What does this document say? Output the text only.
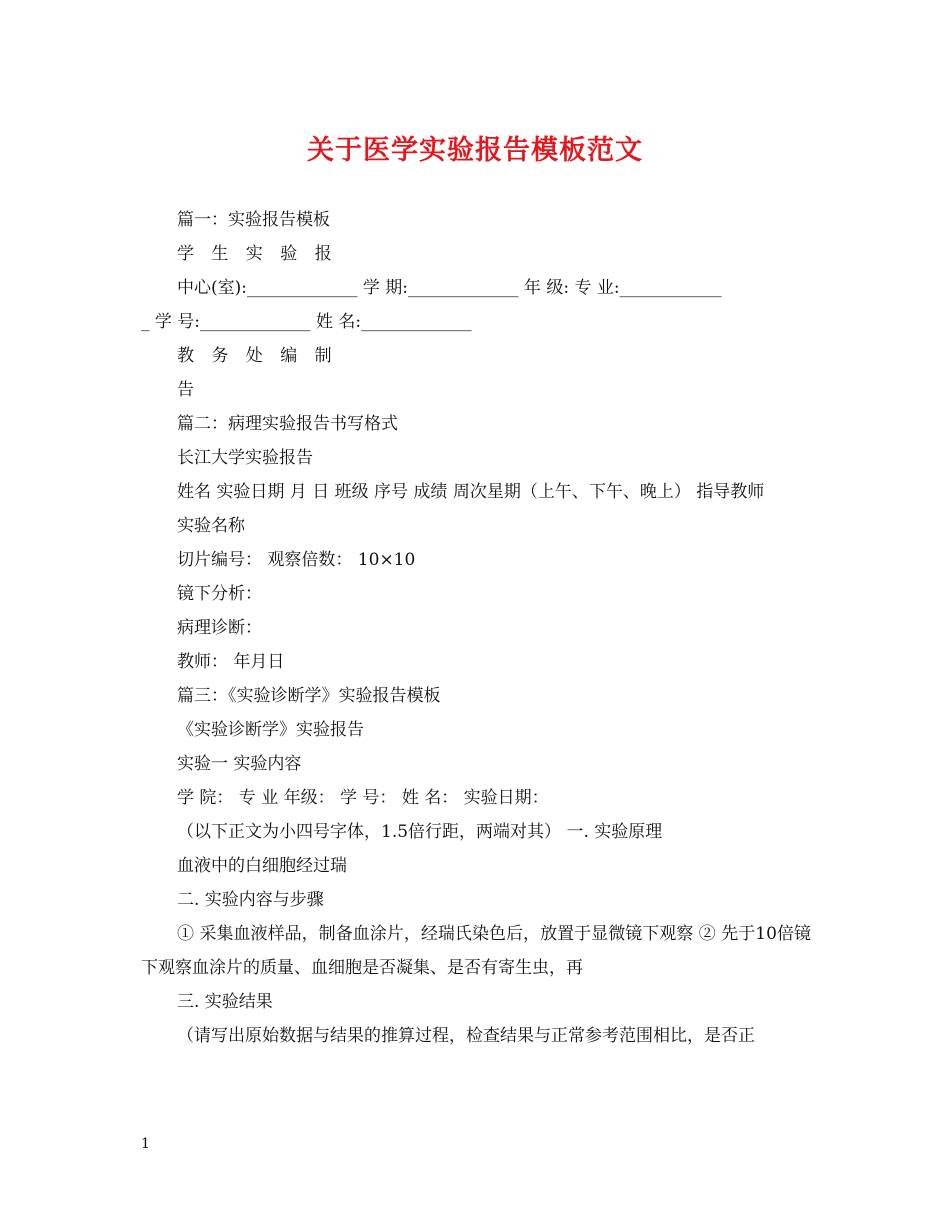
关于医学实验报告模板范文

篇一：实验报告模板

学 生 实 验 报

中心(室):_____________ 学 期:_____________ 年 级: 专 业:____________

_ 学 号:_____________ 姓 名:_____________

教 务 处 编 制

告

篇二：病理实验报告书写格式

长江大学实验报告

姓名 实验日期 月 日 班级 序号 成绩 周次星期（上午、下午、晚上） 指导教师

实验名称

切片编号： 观察倍数： 10×10

镜下分析：

病理诊断：

教师： 年月日

篇三：《实验诊断学》实验报告模板

《实验诊断学》实验报告

实验一 实验内容

学 院： 专 业 年级： 学 号： 姓 名： 实验日期：

（以下正文为小四号字体，1.5倍行距，两端对其） 一. 实验原理

血液中的白细胞经过瑞

二. 实验内容与步骤

① 采集血液样品，制备血涂片，经瑞氏染色后，放置于显微镜下观察 ② 先于10倍镜下观察血涂片的质量、血细胞是否凝集、是否有寄生虫，再

三. 实验结果

（请写出原始数据与结果的推算过程，检查结果与正常参考范围相比，是否正

1
